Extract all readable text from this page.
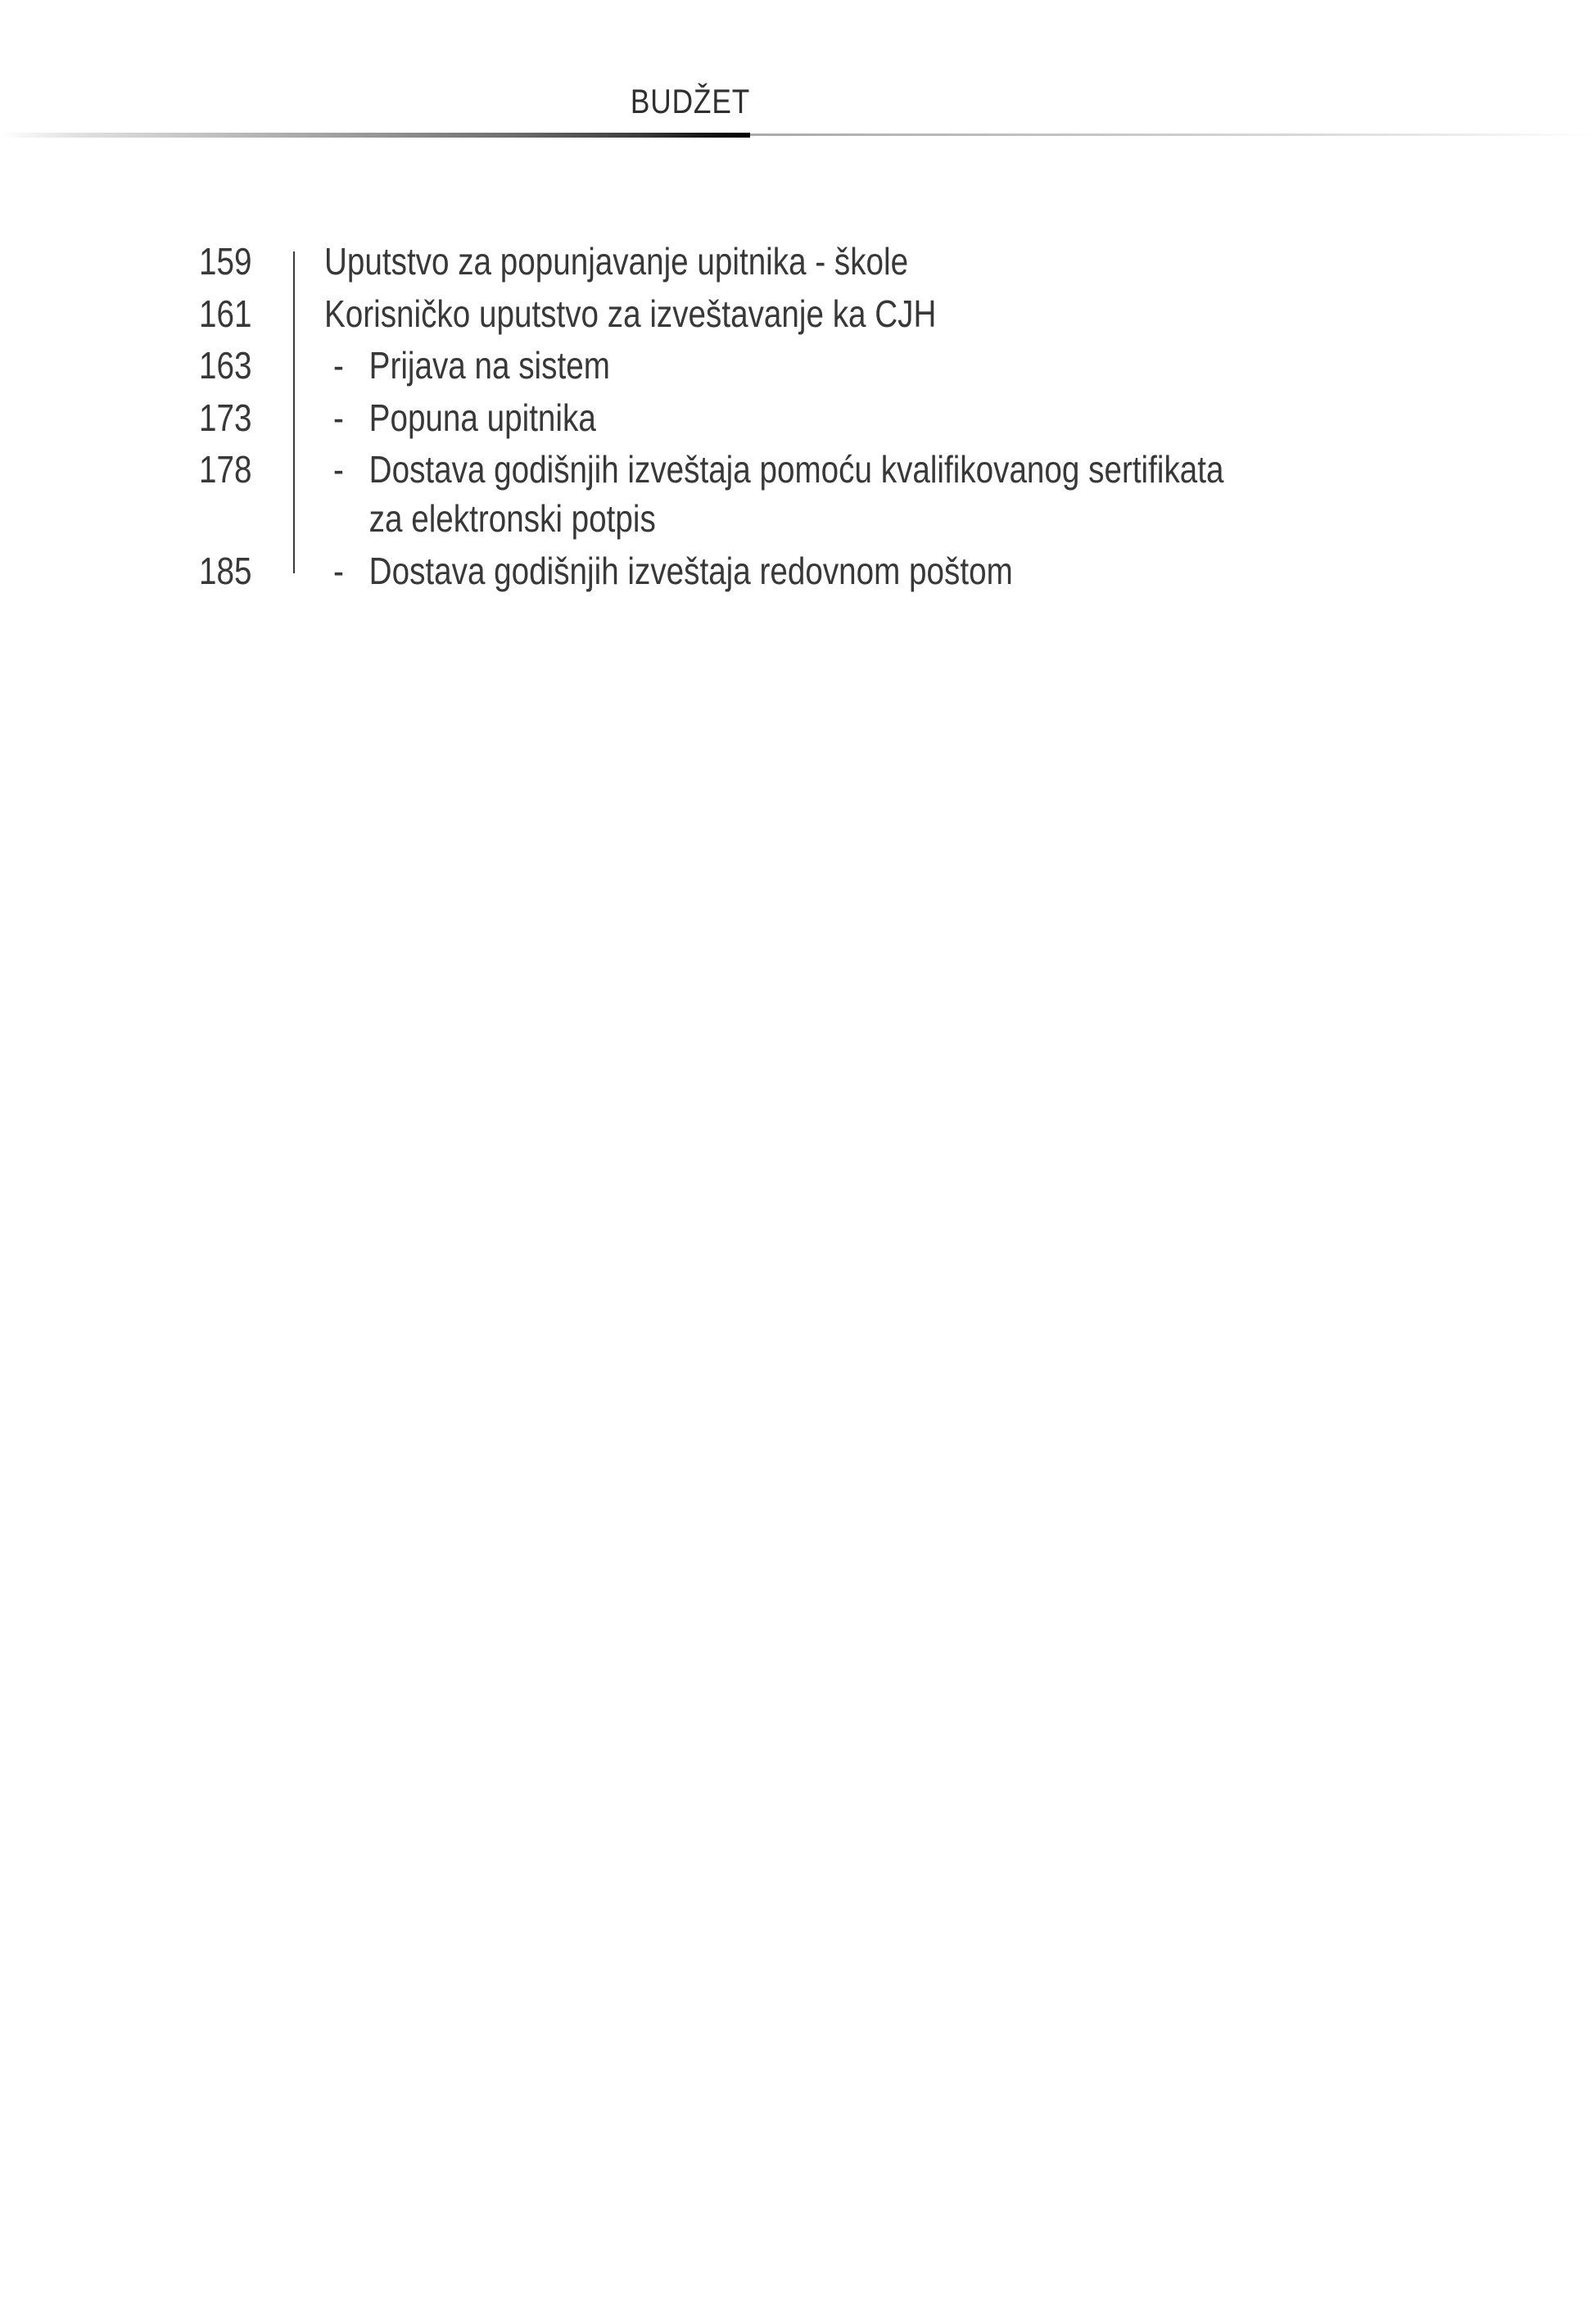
BUDŽET
159 Uputstvo za popunjavanje upitnika - škole
161 Korisničko uputstvo za izveštavanje ka CJH
163 - Prijava na sistem
173 - Popuna upitnika
178 - Dostava godišnjih izveštaja pomoću kvalifikovanog sertifikata za elektronski potpis
185 - Dostava godišnjih izveštaja redovnom poštom
